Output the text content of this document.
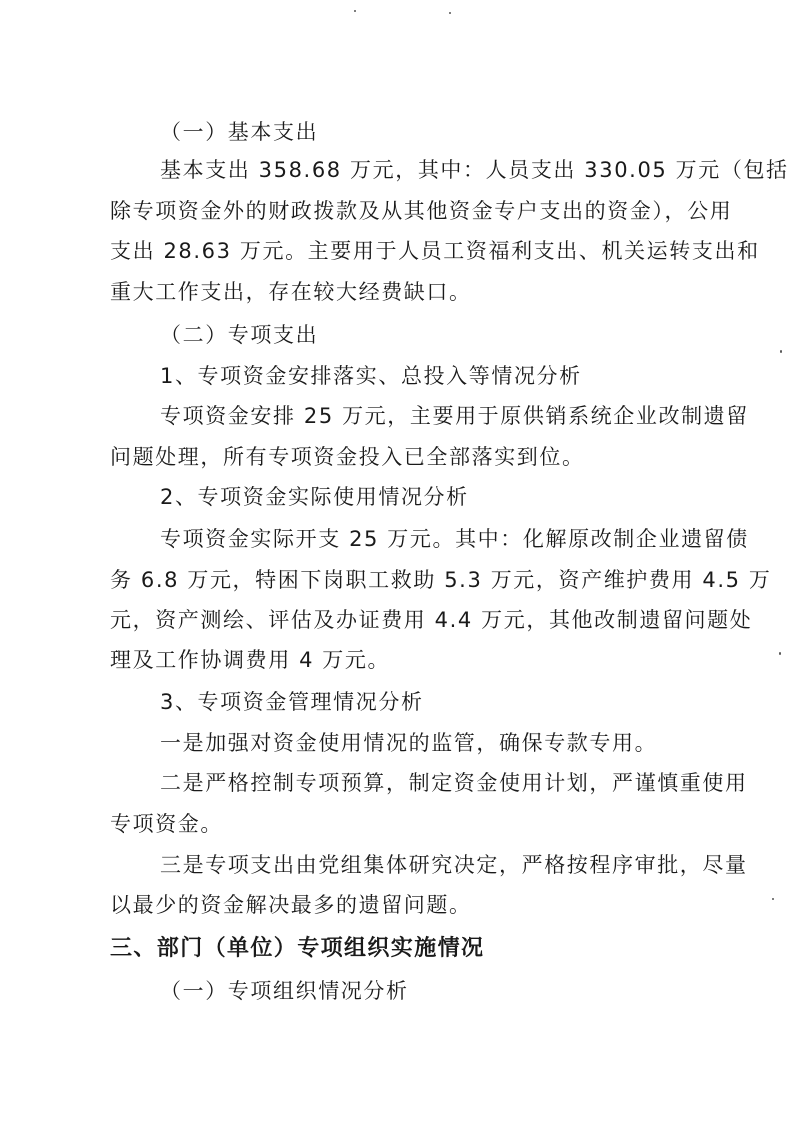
（一）基本支出
基本支出 358.68 万元，其中：人员支出 330.05 万元（包括
除专项资金外的财政拨款及从其他资金专户支出的资金），公用
支出 28.63 万元。主要用于人员工资福利支出、机关运转支出和
重大工作支出，存在较大经费缺口。
（二）专项支出
1、专项资金安排落实、总投入等情况分析
专项资金安排 25 万元，主要用于原供销系统企业改制遗留
问题处理，所有专项资金投入已全部落实到位。
2、专项资金实际使用情况分析
专项资金实际开支 25 万元。其中：化解原改制企业遗留债
务 6.8 万元，特困下岗职工救助 5.3 万元，资产维护费用 4.5 万
元，资产测绘、评估及办证费用 4.4 万元，其他改制遗留问题处
理及工作协调费用 4 万元。
3、专项资金管理情况分析
一是加强对资金使用情况的监管，确保专款专用。
二是严格控制专项预算，制定资金使用计划，严谨慎重使用
专项资金。
三是专项支出由党组集体研究决定，严格按程序审批，尽量
以最少的资金解决最多的遗留问题。
三、部门（单位）专项组织实施情况
（一）专项组织情况分析
